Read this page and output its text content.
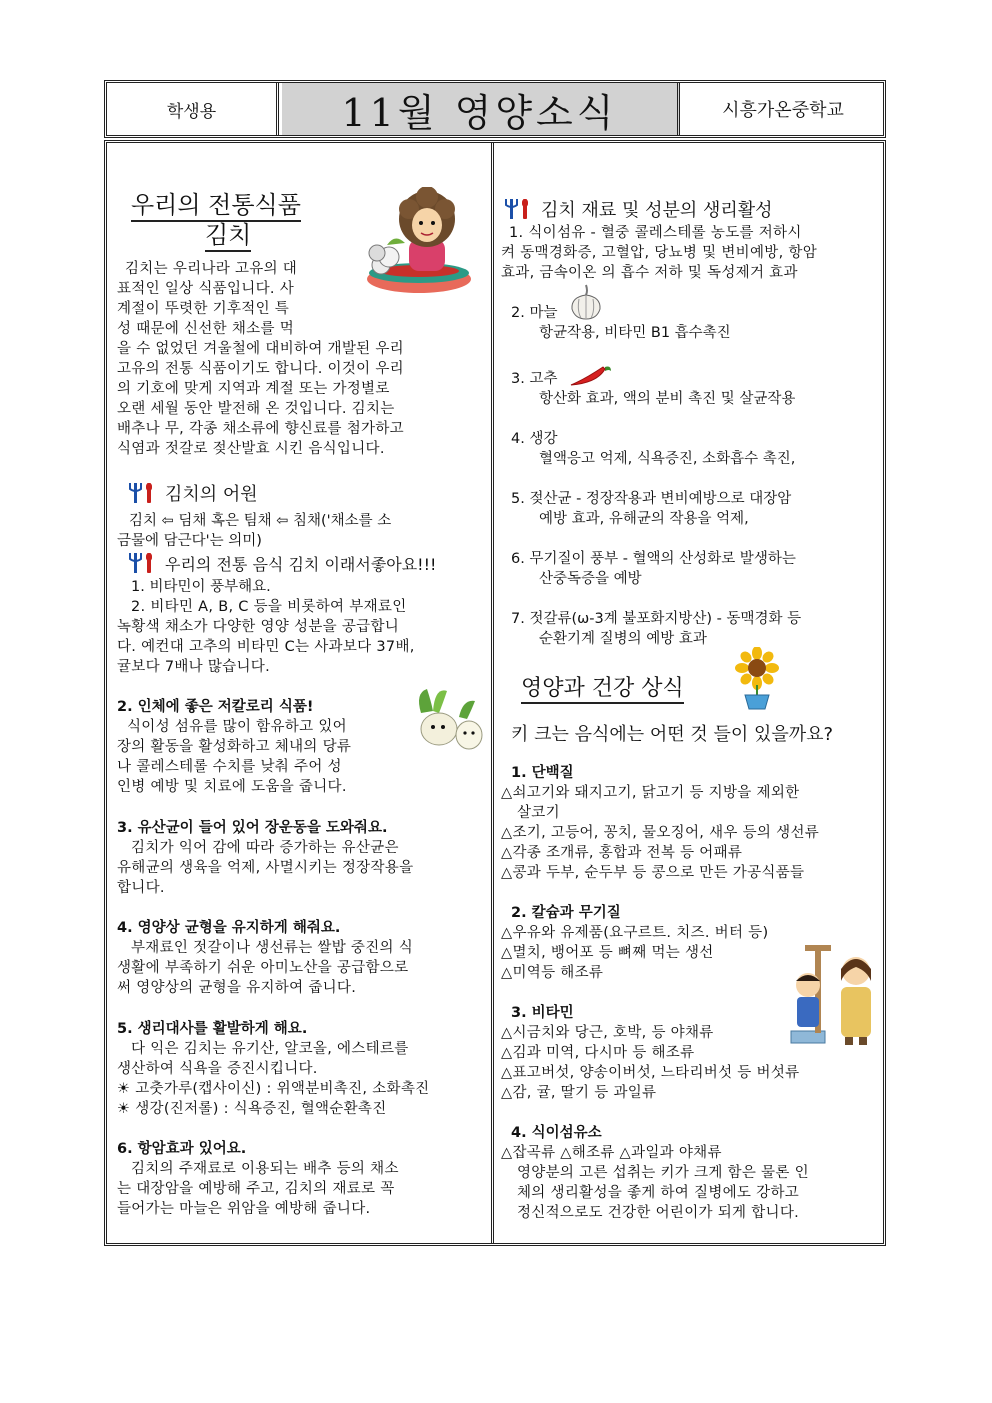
학생용	11월 영양소식	시흥가온중학교
우리의 전통식품
김치
김치는 우리나라 고유의 대
표적인 일상 식품입니다. 사
계절이 뚜렷한 기후적인 특
성 때문에 신선한 채소를 먹
을 수 없었던 겨울철에 대비하여 개발된 우리
고유의 전통 식품이기도 합니다. 이것이 우리
의 기호에 맞게 지역과 계절 또는 가정별로
오랜 세월 동안 발전해 온 것입니다. 김치는
배추나 무, 각종 채소류에 향신료를 첨가하고
식염과 젓갈로 젖산발효 시킨 음식입니다.
김치의 어원
김치 ⇦ 딤채 혹은 팀채 ⇦ 침채('채소를 소
금물에 담근다'는 의미)
우리의 전통 음식 김치 이래서좋아요!!!
1. 비타민이 풍부해요.
2. 비타민 A, B, C 등을 비롯하여 부재료인
녹황색 채소가 다양한 영양 성분을 공급합니
다. 예컨대 고추의 비타민 C는 사과보다 37배,
귤보다 7배나 많습니다.
2. 인체에 좋은 저칼로리 식품!
식이성 섬유를 많이 함유하고 있어
장의 활동을 활성화하고 체내의 당류
나 콜레스테롤 수치를 낮춰 주어 성
인병 예방 및 치료에 도움을 줍니다.
3. 유산균이 들어 있어 장운동을 도와줘요.
김치가 익어 감에 따라 증가하는 유산균은
유해균의 생육을 억제, 사멸시키는 정장작용을
합니다.
4. 영양상 균형을 유지하게 해줘요.
부재료인 젓갈이나 생선류는 쌀밥 중진의 식
생활에 부족하기 쉬운 아미노산을 공급함으로
써 영양상의 균형을 유지하여 줍니다.
5. 생리대사를 활발하게 해요.
다 익은 김치는 유기산, 알코올, 에스테르를
생산하여 식욕을 증진시킵니다.
☀ 고춧가루(캡사이신) : 위액분비촉진, 소화촉진
☀ 생강(진저롤) : 식욕증진, 혈액순환촉진
6. 항암효과 있어요.
김치의 주재료로 이용되는 배추 등의 채소
는 대장암을 예방해 주고, 김치의 재료로 꼭
들어가는 마늘은 위암을 예방해 줍니다.
김치 재료 및 성분의 생리활성
1. 식이섬유 - 혈중 콜레스테롤 농도를 저하시
켜 동맥경화증, 고혈압, 당뇨병 및 변비예방, 항암
효과, 금속이온 의 흡수 저하 및 독성제거 효과
2. 마늘
항균작용, 비타민 B1 흡수촉진
3. 고추
항산화 효과, 액의 분비 촉진 및 살균작용
4. 생강
혈액응고 억제, 식욕증진, 소화흡수 촉진,
5. 젖산균 - 정장작용과 변비예방으로 대장암
예방 효과, 유해균의 작용을 억제,
6. 무기질이 풍부 - 혈액의 산성화로 발생하는
산중독증을 예방
7. 젓갈류(ω-3계 불포화지방산) - 동맥경화 등
순환기계 질병의 예방 효과
영양과 건강 상식
키 크는 음식에는 어떤 것 들이 있을까요?
1. 단백질
△쇠고기와 돼지고기, 닭고기 등 지방을 제외한
살코기
△조기, 고등어, 꽁치, 물오징어, 새우 등의 생선류
△각종 조개류, 홍합과 전복 등 어패류
△콩과 두부, 순두부 등 콩으로 만든 가공식품들
2. 칼슘과 무기질
△우유와 유제품(요구르트. 치즈. 버터 등)
△멸치, 뱅어포 등 뼈째 먹는 생선
△미역등 해조류
3. 비타민
△시금치와 당근, 호박, 등 야채류
△김과 미역, 다시마 등 해조류
△표고버섯, 양송이버섯, 느타리버섯 등 버섯류
△감, 귤, 딸기 등 과일류
4. 식이섬유소
△잡곡류 △해조류 △과일과 야채류
영양분의 고른 섭취는 키가 크게 함은 물론 인
체의 생리활성을 좋게 하여 질병에도 강하고
정신적으로도 건강한 어린이가 되게 합니다.
